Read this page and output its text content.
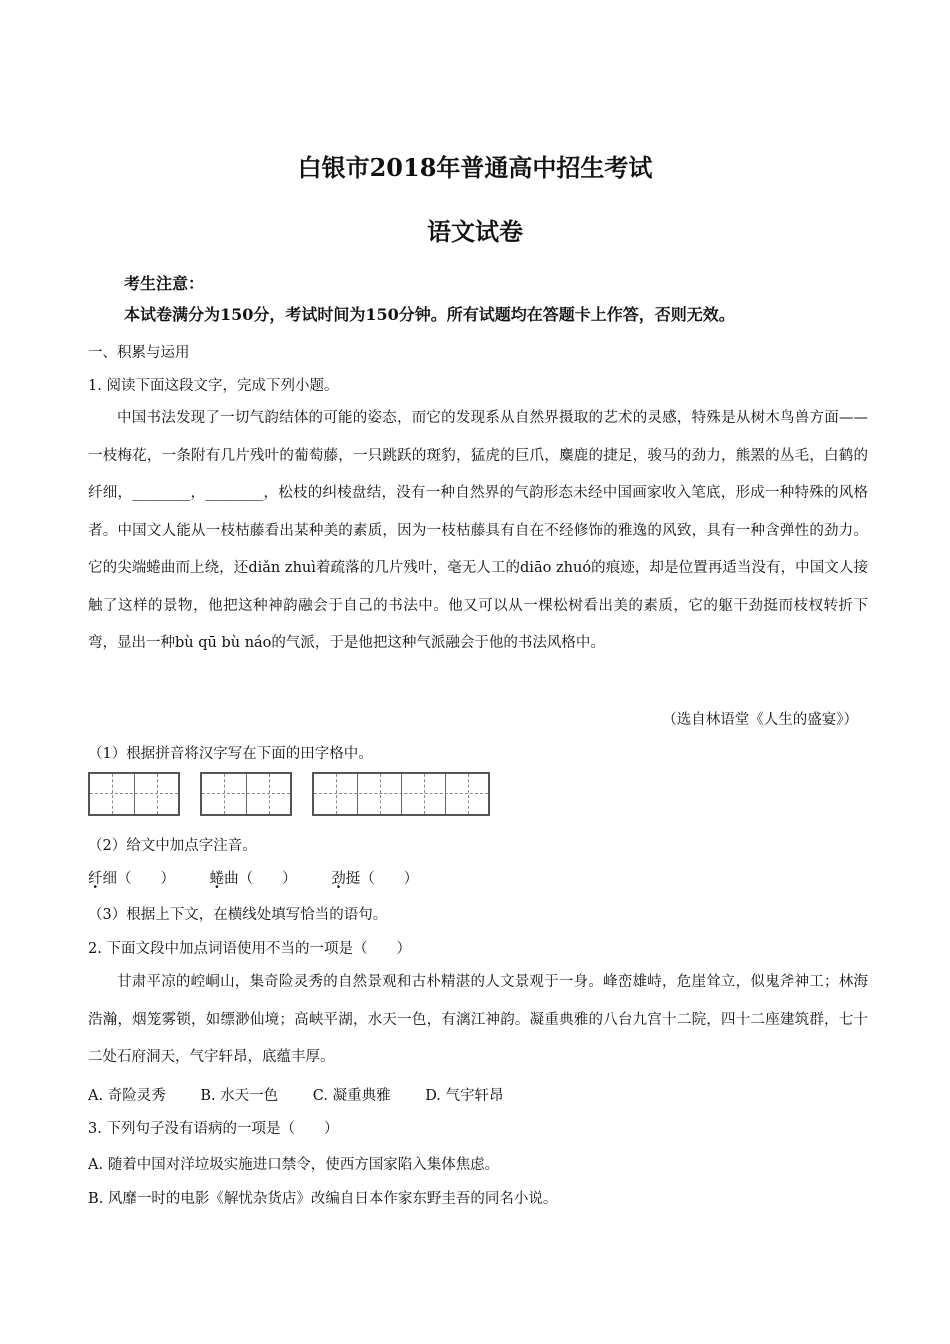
白银市2018年普通高中招生考试
语文试卷
考生注意：
本试卷满分为150分，考试时间为150分钟。所有试题均在答题卡上作答，否则无效。
一、积累与运用
1. 阅读下面这段文字，完成下列小题。

中国书法发现了一切气韵结体的可能的姿态，而它的发现系从自然界摄取的艺术的灵感，特殊是从树木鸟兽方面——一枝梅花，一条附有几片残叶的葡萄藤，一只跳跃的斑豹，猛虎的巨爪，麋鹿的捷足，骏马的劲力，熊罴的丛毛，白鹤的纤细，________，________，松枝的纠棱盘结，没有一种自然界的气韵形态未经中国画家收入笔底，形成一种特殊的风格者。中国文人能从一枝枯藤看出某种美的素质，因为一枝枯藤具有自在不经修饰的雅逸的风致，具有一种含弹性的劲力。它的尖端蜷曲而上绕，还diǎn zhuì着疏落的几片残叶，毫无人工的diāo zhuó的痕迹，却是位置再适当没有，中国文人接触了这样的景物，他把这种神韵融会于自己的书法中。他又可以从一棵松树看出美的素质，它的躯干劲挺而枝杈转折下弯，显出一种bù qū bù náo的气派，于是他把这种气派融会于他的书法风格中。

（选自林语堂《人生的盛宴》）
（1）根据拼音将汉字写在下面的田字格中。
（2）给文中加点字注音。
纤细（　　） 蜷曲（　　） 劲挺（　　）
（3）根据上下文，在横线处填写恰当的语句。
2. 下面文段中加点词语使用不当的一项是（　　）

甘肃平凉的崆峒山，集奇险灵秀的自然景观和古朴精湛的人文景观于一身。峰峦雄峙，危崖耸立，似鬼斧神工；林海浩瀚，烟笼雾锁，如缥渺仙境；高峡平湖，水天一色，有漓江神韵。凝重典雅的八台九宫十二院，四十二座建筑群，七十二处石府洞天，气宇轩昂，底蕴丰厚。

A. 奇险灵秀 B. 水天一色 C. 凝重典雅 D. 气宇轩昂
3. 下列句子没有语病的一项是（　　）
A. 随着中国对洋垃圾实施进口禁令，使西方国家陷入集体焦虑。
B. 风靡一时的电影《解忧杂货店》改编自日本作家东野圭吾的同名小说。
